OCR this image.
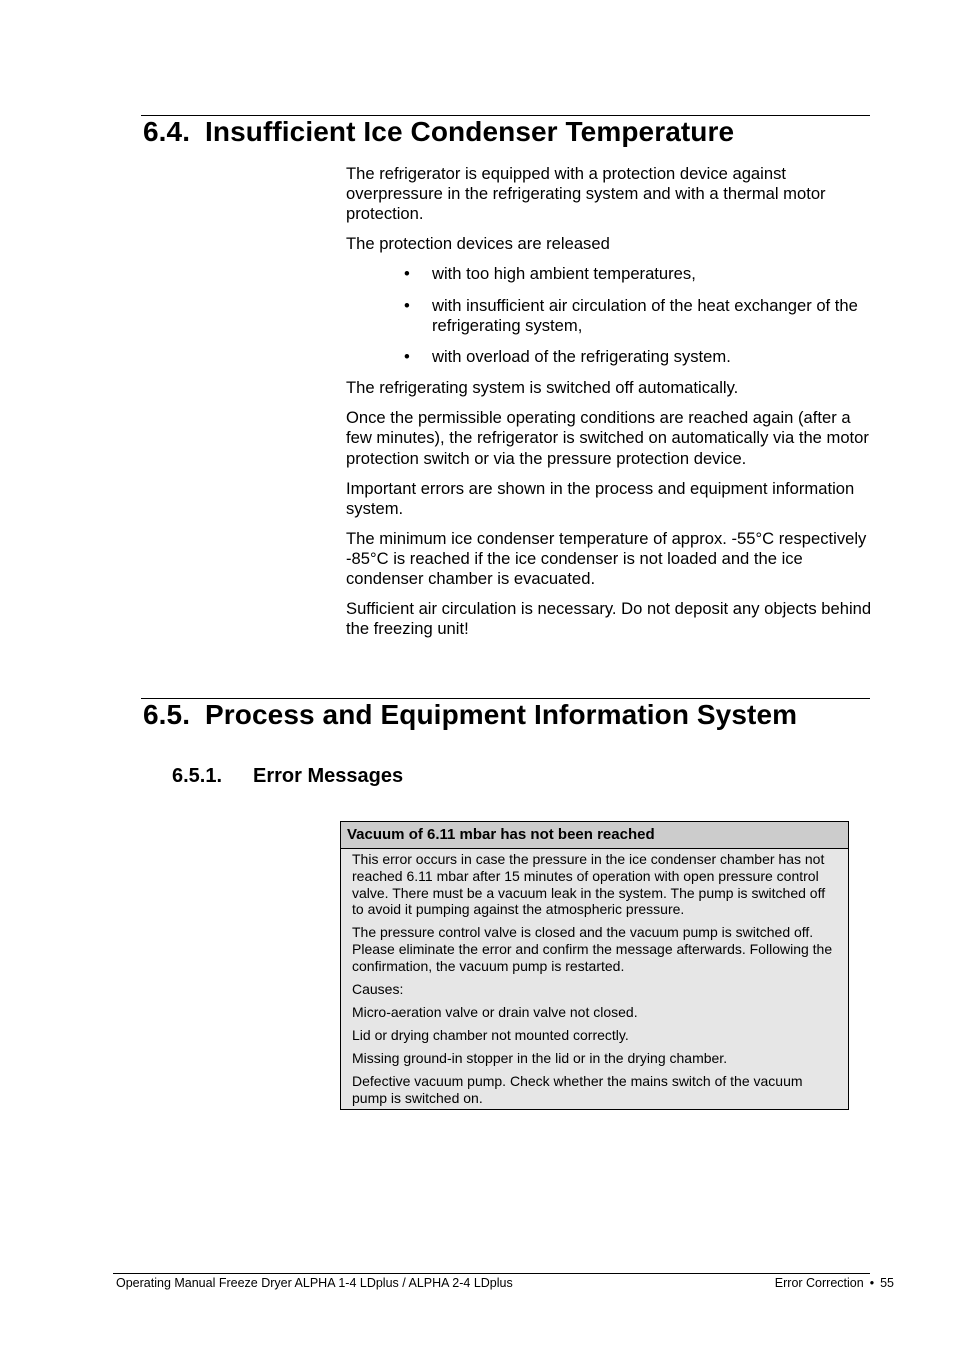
6.4. Insufficient Ice Condenser Temperature

The refrigerator is equipped with a protection device against overpressure in the refrigerating system and with a thermal motor protection.

The protection devices are released

• with too high ambient temperatures,
• with insufficient air circulation of the heat exchanger of the refrigerating system,
• with overload of the refrigerating system.

The refrigerating system is switched off automatically.

Once the permissible operating conditions are reached again (after a few minutes), the refrigerator is switched on automatically via the motor protection switch or via the pressure protection device.

Important errors are shown in the process and equipment information system.

The minimum ice condenser temperature of approx. -55°C respectively -85°C is reached if the ice condenser is not loaded and the ice condenser chamber is evacuated.

Sufficient air circulation is necessary. Do not deposit any objects behind the freezing unit!

6.5. Process and Equipment Information System
6.5.1. Error Messages
Vacuum of 6.11 mbar has not been reached

This error occurs in case the pressure in the ice condenser chamber has not reached 6.11 mbar after 15 minutes of operation with open pressure control valve. There must be a vacuum leak in the system. The pump is switched off to avoid it pumping against the atmospheric pressure.

The pressure control valve is closed and the vacuum pump is switched off. Please eliminate the error and confirm the message afterwards. Following the confirmation, the vacuum pump is restarted.

Causes:

Micro-aeration valve or drain valve not closed.

Lid or drying chamber not mounted correctly.

Missing ground-in stopper in the lid or in the drying chamber.

Defective vacuum pump. Check whether the mains switch of the vacuum pump is switched on.

Operating Manual Freeze Dryer ALPHA 1-4 LDplus / ALPHA 2-4 LDplus	Error Correction • 55
